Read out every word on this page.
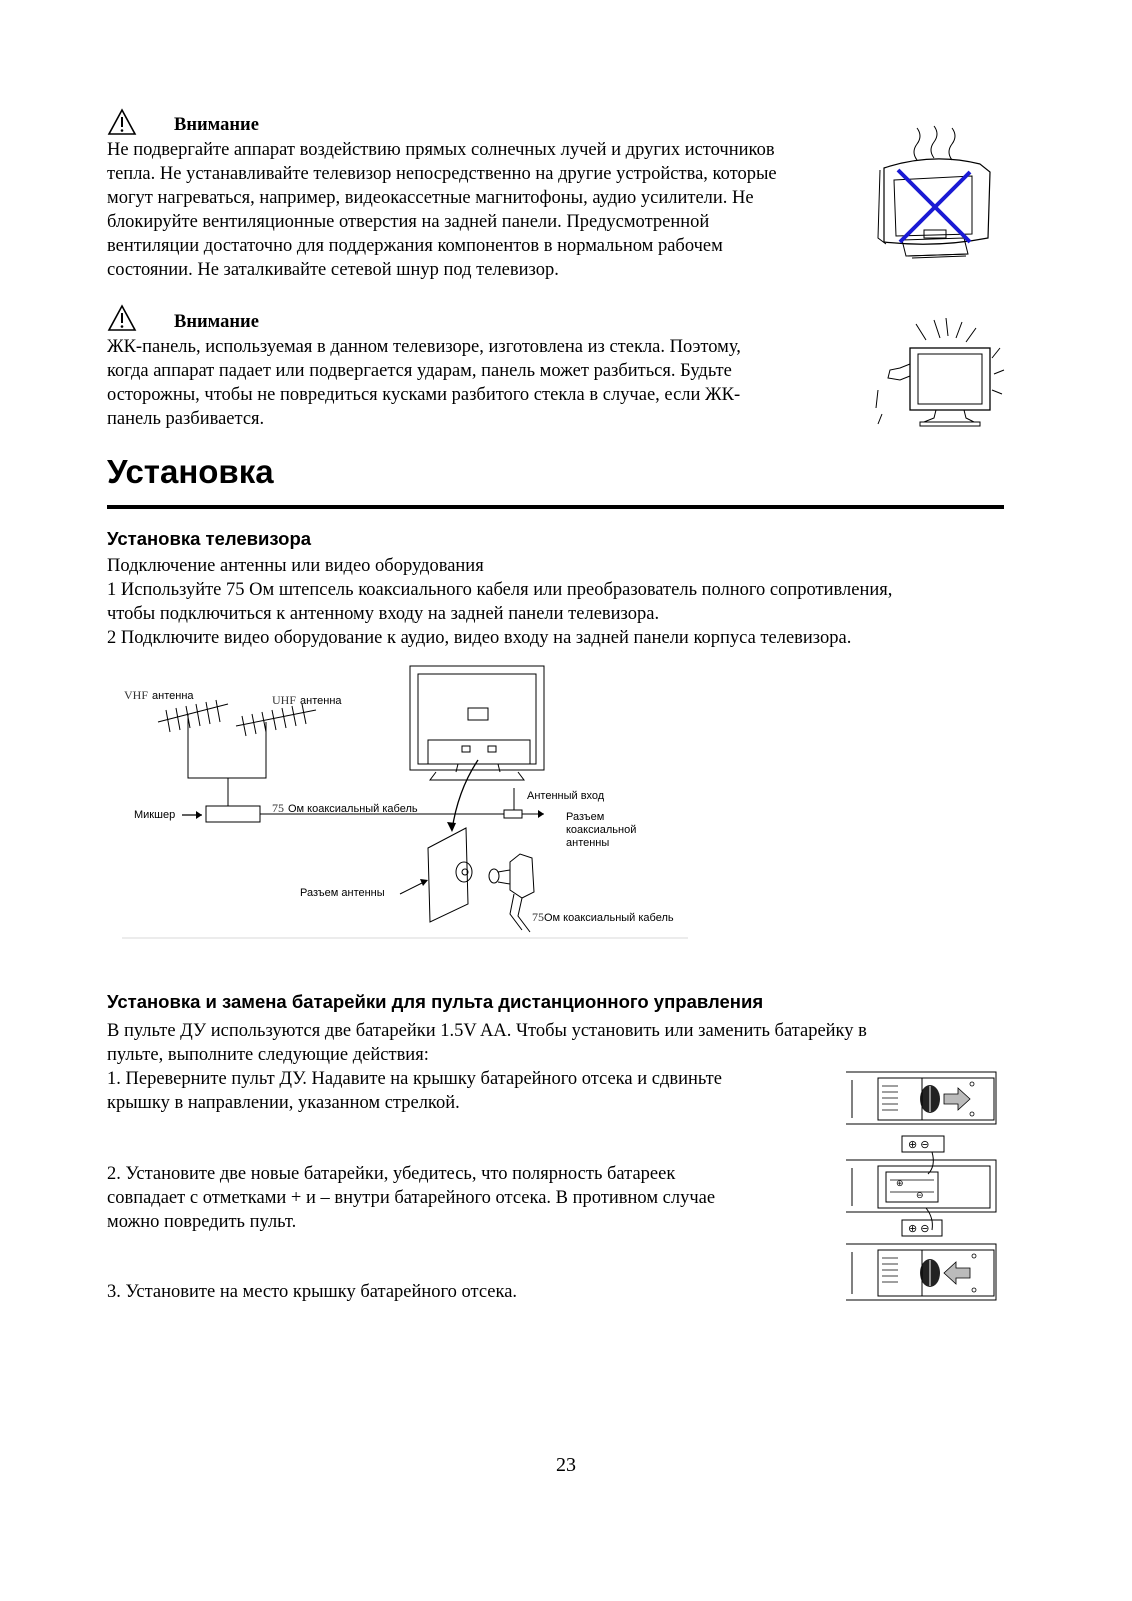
Внимание
Не подвергайте аппарат воздействию прямых солнечных лучей и других источников
тепла. Не устанавливайте телевизор непосредственно на другие устройства, которые
могут нагреваться, например, видеокассетные магнитофоны, аудио усилители. Не
блокируйте вентиляционные отверстия на задней панели. Предусмотренной
вентиляции достаточно для поддержания компонентов в нормальном рабочем
состоянии. Не заталкивайте сетевой шнур под телевизор.
Внимание
ЖК-панель, используемая в данном телевизоре, изготовлена из стекла. Поэтому,
когда аппарат падает или подвергается ударам, панель может разбиться. Будьте
осторожны, чтобы не повредиться кусками разбитого стекла в случае, если ЖК-
панель разбивается.
Установка
Установка телевизора
Подключение антенны или видео оборудования
1 Используйте 75 Ом штепсель коаксиального кабеля или преобразователь полного сопротивления,
чтобы подключиться к антенному входу на задней панели телевизора.
2 Подключите видео оборудование к аудио, видео входу на задней панели корпуса телевизора.
VHF антенна	UHF антенна
Микшер	75 Ом коаксиальный кабель
Антенный вход
Разъем
коаксиальной
антенны
Разъем антенны
75Ом коаксиальный кабель
Установка и замена батарейки для пульта дистанционного управления
В пульте ДУ используются две батарейки 1.5V AA. Чтобы установить или заменить батарейку в
пульте, выполните следующие действия:
1. Переверните пульт ДУ. Надавите на крышку батарейного отсека и сдвиньте
крышку в направлении, указанном стрелкой.
2. Установите две новые батарейки, убедитесь, что полярность батареек
совпадает с отметками + и – внутри батарейного отсека. В противном случае
можно повредить пульт.
3. Установите на место крышку батарейного отсека.
⊕ ⊖
⊕
⊖
⊕ ⊖
23
